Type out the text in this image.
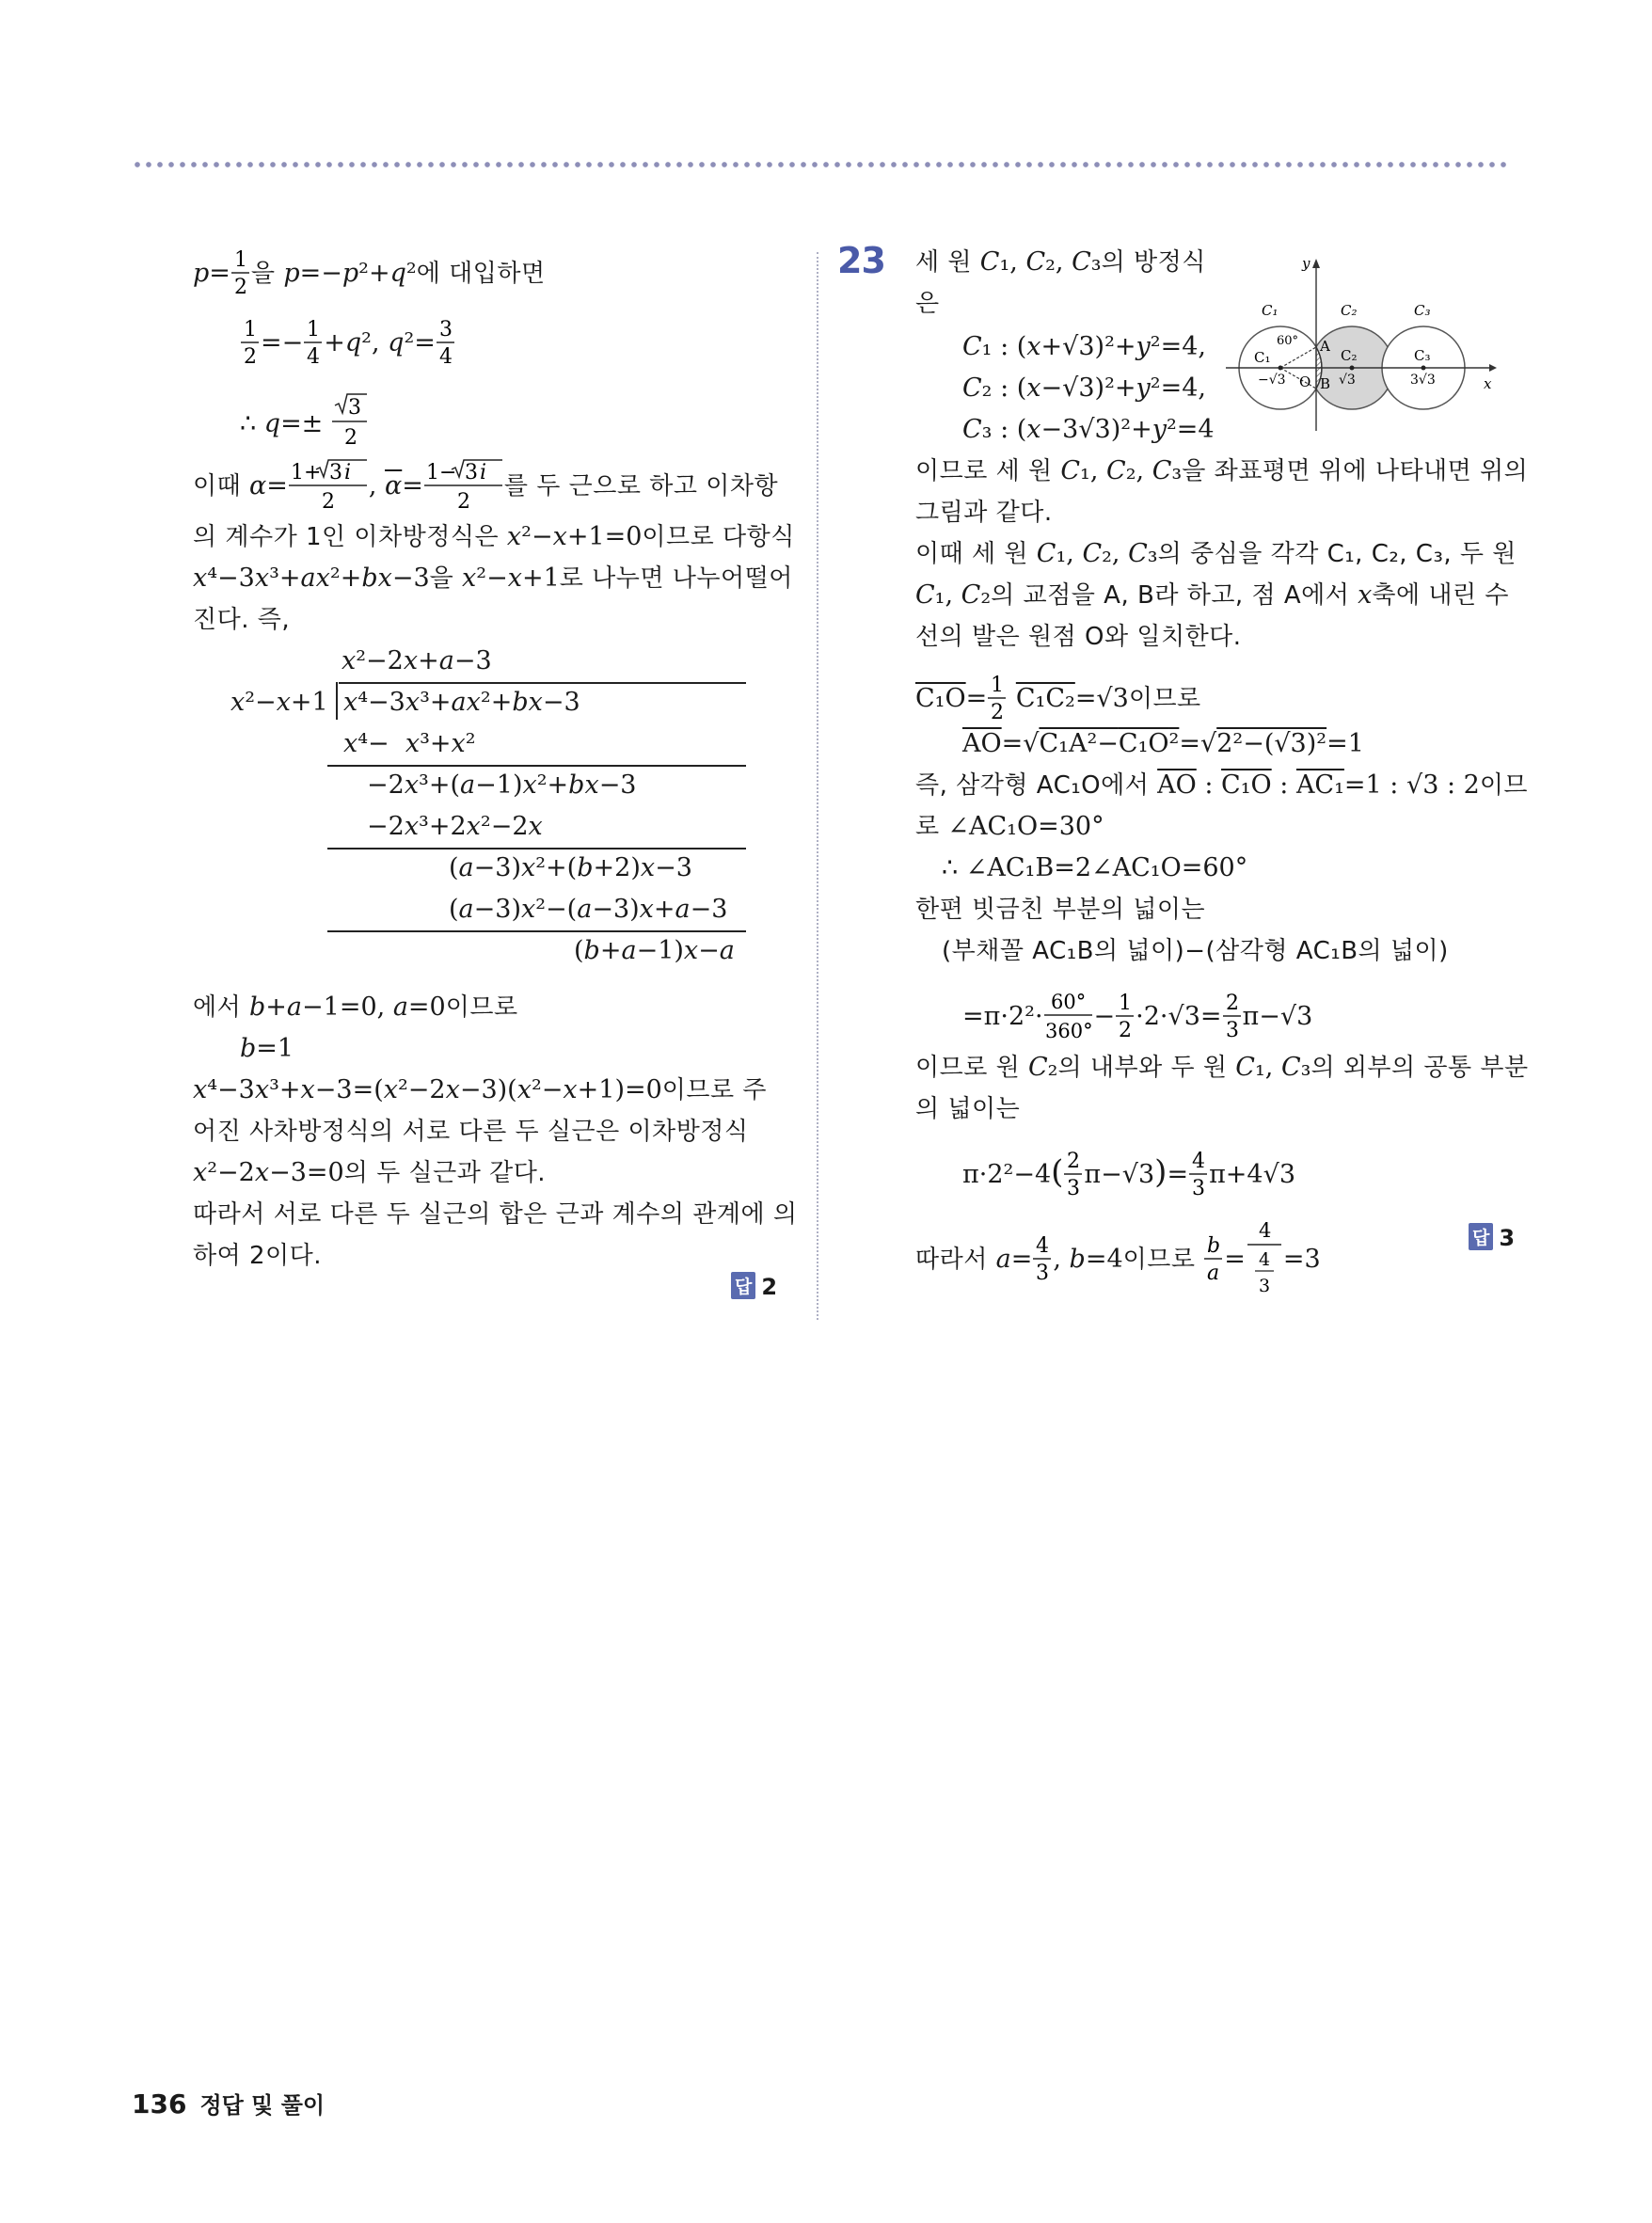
p= 1
2 을 p=−p²+q²에 대입하면
1
2 =− 1
4 +q², q²= 3
4
∴ q=±
3
2
이때 α= 1+ 3 i
2
, $\overline{\alpha}= 1- 3$ i
2
를 두 근으로 하고 이차항
의 계수가 1인 이차방정식은 x²−x+1=0이므로 다항식
x⁴−3x³+ax²+bx−3을 x²−x+1로 나누면 나누어떨어
진다. 즉,
x²−2x+a−3
x²−x+1 x⁴−3x³+ax²+bx−3
x⁴−  x³+x²
−2x³+(a−1)x²+bx−3
−2x³+2x²−2x
(a−3)x²+(b+2)x−3
(a−3)x²−(a−3)x+a−3
(b+a−1)x−a
에서 b+a−1=0, a=0이므로
b=1
x⁴−3x³+x−3=(x²−2x−3)(x²−x+1)=0이므로 주
어진 사차방정식의 서로 다른 두 실근은 이차방정식
x²−2x−3=0의 두 실근과 같다.
따라서 서로 다른 두 실근의 합은 근과 계수의 관계에 의
하여 2이다.
답 2
23 세 원 C₁, C₂, C₃의 방정식
은
C₁ : (x+√3)²+y²=4,
C₂ : (x−√3)²+y²=4,
C₃ : (x−3√3)²+y²=4
y
x
C₁	C₂	C₃
C₁	C₂	C₃
60° A
B
O
−√3	√3	3√3
이므로 세 원 C₁, C₂, C₃을 좌표평면 위에 나타내면 위의
그림과 같다.
이때 세 원 C₁, C₂, C₃의 중심을 각각 C₁, C₂, C₃, 두 원
C₁, C₂의 교점을 A, B라 하고, 점 A에서 x축에 내린 수
선의 발은 원점 O와 일치한다.
C₁O= 1
2 C₁C₂=√3이므로
$\overline{AO}=√C_1A^2-C_1O^2=√2^2-(√3)^2=1$
즉, 삼각형 AC₁O에서 $\overline{AO}$ : C₁O : AC₁=1 : √3 : 2이므
로 ∠AC₁O=30°
∴ ∠AC₁B=2∠AC₁O=60°
한편 빗금친 부분의 넓이는
(부채꼴 AC₁B의 넓이)−(삼각형 AC₁B의 넓이)
=π·2²· 60°
360° − 1
2 ·2·√3= 2
3 π−√3
이므로 원 C₂의 내부와 두 원 C₁, C₃의 외부의 공통 부분
의 넓이는
π·2²−4( 2
3 π−√3)= 4
3 π+4√3
따라서 a= 4
3 , b=4이므로 b
a =
4
4
3
=3
답 3
136 정답 및 풀이
